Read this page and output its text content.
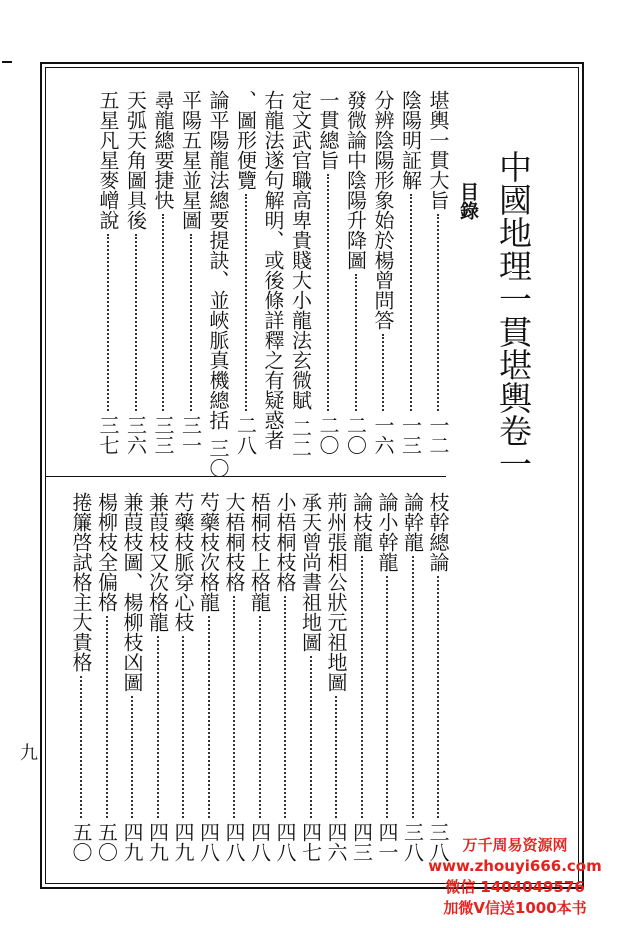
中國地理一貫堪輿卷一
目錄
堪輿一貫大旨
一二
陰陽明証解
一三
分辨陰陽形象始於楊曾問答
一六
發微論中陰陽升降圖
二〇
一貫總旨
二〇
定文武官職高卑貴賤大小龍法玄微賦
二二
右龍法遂句解明、或後條詳釋之有疑惑者
、圖形便覽
二八
論平陽龍法總要提訣、並峽脈真機總括
三〇
平陽五星並星圖
三一
尋龍總要捷快
三三
天弧天角圖具後
三六
五星凡星麥嶒說
三七
枝幹總論
三八
論幹龍
三八
論小幹龍
四一
論枝龍
四三
荊州張相公狀元祖地圖
四六
承天曾尚書祖地圖
四七
小梧桐枝格
四八
梧桐枝上格龍
四八
大梧桐枝格
四八
芍藥枝次格龍
四八
芍藥枝脈穿心枝
四九
兼葭枝又次格龍
四九
兼葭枝圖、楊柳枝凶圖
四九
楊柳枝全偏格
五〇
捲簾啓試格主大貴格
五〇
九
万千周易资源网
www.zhouyi666.com
微信 1404049576
加微V信送1000本书
